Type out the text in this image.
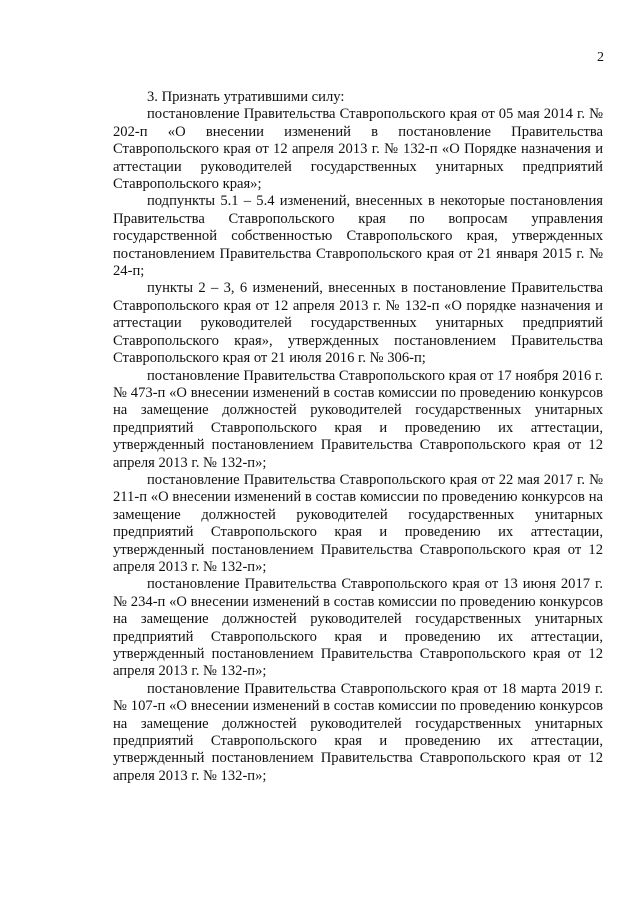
2

3. Признать утратившими силу:

постановление Правительства Ставропольского края от 05 мая 2014 г. № 202-п «О внесении изменений в постановление Правительства Ставропольского края от 12 апреля 2013 г. № 132-п «О Порядке назначения и аттестации руководителей государственных унитарных предприятий Ставропольского края»;

подпункты 5.1 – 5.4 изменений, внесенных в некоторые постановления Правительства Ставропольского края по вопросам управления государственной собственностью Ставропольского края, утвержденных постановлением Правительства Ставропольского края от 21 января 2015 г. № 24-п;

пункты 2 – 3, 6 изменений, внесенных в постановление Правительства Ставропольского края от 12 апреля 2013 г. № 132-п «О порядке назначения и аттестации руководителей государственных унитарных предприятий Ставропольского края», утвержденных постановлением Правительства Ставропольского края от 21 июля 2016 г. № 306-п;

постановление Правительства Ставропольского края от 17 ноября 2016 г. № 473-п «О внесении изменений в состав комиссии по проведению конкурсов на замещение должностей руководителей государственных унитарных предприятий Ставропольского края и проведению их аттестации, утвержденный постановлением Правительства Ставропольского края от 12 апреля 2013 г. № 132-п»;

постановление Правительства Ставропольского края от 22 мая 2017 г. № 211-п «О внесении изменений в состав комиссии по проведению конкурсов на замещение должностей руководителей государственных унитарных предприятий Ставропольского края и проведению их аттестации, утвержденный постановлением Правительства Ставропольского края от 12 апреля 2013 г. № 132-п»;

постановление Правительства Ставропольского края от 13 июня 2017 г. № 234-п «О внесении изменений в состав комиссии по проведению конкурсов на замещение должностей руководителей государственных унитарных предприятий Ставропольского края и проведению их аттестации, утвержденный постановлением Правительства Ставропольского края от 12 апреля 2013 г. № 132-п»;

постановление Правительства Ставропольского края от 18 марта 2019 г. № 107-п «О внесении изменений в состав комиссии по проведению конкурсов на замещение должностей руководителей государственных унитарных предприятий Ставропольского края и проведению их аттестации, утвержденный постановлением Правительства Ставропольского края от 12 апреля 2013 г. № 132-п»;
